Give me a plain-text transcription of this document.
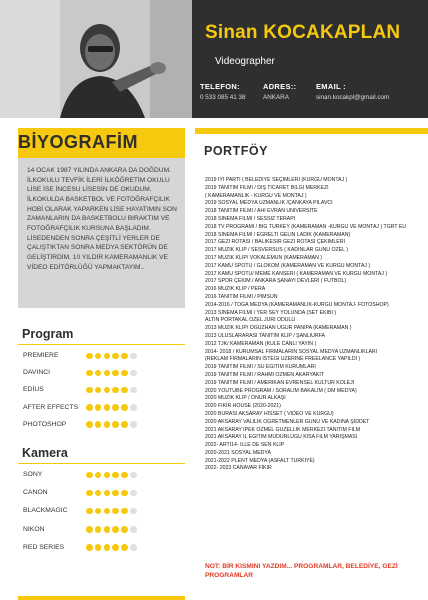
Sinan KOCAKAPLAN
Videographer
TELEFON:
0 533 085 41 38
ADRES::
ANKARA
EMAIL :
sinan.kocakpl@gmail.com
BİYOGRAFİM
14 OCAK 1987 YILINDA ANKARA DA DOĞDUM. İLKOKULU TEVFİK İLERİ İLKÖĞRETİM OKULU LİSE İSE İNCESU LİSESİN DE OKUDUM. İLKOKULDA BASKETBOL VE FOTOĞRAFÇILIK HOBİ OLARAK YAPARKEN LİSE HAYATIMIN SON ZAMANLARIN DA BASKETBOLU BIRAKTIM VE FOTOĞRAFÇILIK KURSUNA BAŞLADIM. LİSEDENDEN SONRA ÇEŞİTLİ YERLER DE ÇALIŞTIKTAN SONRA MEDYA SEKTÖRÜN DE GELİŞTİRDİM. 10 YILDIR KAMERAMANLIK VE VİDEO EDİTÖRLÜĞÜ YAPMAKTAYIM..
Program
PREMIERE
DAVINCI
EDİUS
AFTER EFFECTS
PHOTOSHOP
Kamera
SONY
CANON
BLACKMAGIC
NIKON
RED SERIES
PORTFÖY
2019 İYİ PARTİ ( BELEDİYE SEÇİMLERİ (KURGU MONTAJ )
2019 TANITIM FİLMİ / DIŞ TİCARET BİLGİ MERKEZİ
( KAMERAMANLIK - KURGU VE MONTAJ )
2019 SOSYAL MEDYA UZMANLIK /ÇANKAYA PİLAVCI
2018 TANITIM FİLMİ / AHİ EVRAN ÜNİVERSİTE
2018 SİNEMA FİLMİ / SESSİZ TERAPİ
2018 TV PROGRAMI / BİG TURKEY (KAMERAMAN -KURGU VE MONTAJ ) TGRT EU
2018 SİNEMA FİLMİ / EĞRELTİ GELİN LADİK (KAMERAMAN)
2017 GEZİ ROTASI / BALIKESİR GEZİ ROTASI ÇEKİMLERİ
2017 MÜZİK KLİP / SESVERSUS ( KADINLAR GÜNÜ ÖZEL )
2017 MÜZİK KLİP/ VOKALEMUN (KAMERAMAN )
2017 KAMU SPOTU / GLOKOM (KAMERAMAN VE KURGU MONTAJ )
2017 KAMU SPOTU/ MEME KANSERİ ( KAMERAMAN VE KURGU MONTAJ )
2017 SPOR ÇEKİM / ANKARA ŞANAYİ DEVLERİ ( FUTBOL)
2016 MÜZİK KLİP / PERA
2016 TANITIM FİLMİ / PİMSUN
2014-2016 / TOGA MEDYA (KAMERAMANLIK-KURGU MONTAJ- FOTOSHOP)
2013 SİNEMA FİLMİ / YER SEY YOLUNDA (SET EKİBİ )
ALTIN PORTAKAL ÖZEL JÜRİ ÖDÜLÜ
2013 MÜZİK KLİP/ OĞUZHAN UĞUR PANİPA (KAMERAMAN )
2013 ULUSLARARASI TANITIM KLİP / ŞANLIURFA
2012 TJK/ KAMERAMAN (KULE CANLI YAYIN )
2014- 2018 / KURUMSAL FİRMALARIN SOSYAL MEDYA UZMANLIKLARI
(REKLAM FİRMALARIN İSTEĞİ ÜZERİNE FREELANCE YAPILDI )
2019 TANITIM FİLMİ / SU EĞİTİM KURUMLARI
2019 TANITIM FİLMİ / RAHMİ ÖZMEN AKARYAKIT
2019 TANITIM FİLMİ / AMERİKAN EVRENSEL KÜLTÜR KOLEJİ
2020 YOUTUBE PROGRAM / SORALIM BAKALIM ( DM MEDYA)
2020 MÜZİK KLİP / ONUR ALKAŞI
2020 FİKİR HOUSE (2020-2021)
2020 BURASI AKSARAY HİSSET ( VİDEO VE KURGU)
2020 AKSARAY VALİLİK ÖĞRETMENLER GÜNÜ VE KADINA ŞİDDET
2021 AKSARAY İPEK ÖZMEL GÜZELLİK MERKEZİ TANITIM FİLM
2021 AKSARAY İL EĞİTİM MÜDÜRLÜĞÜ KISA FİLM YARIŞMASI
2022- ARTI14- İLLE DE SEN KLİP
2020-2021 SOSYAL MEDYA
2021-2022 PLENT MEDYA (ASFALT TÜRKİYE)
2022- 2023 CANAVAR FİKİR
NOT: BİR KISMINI YAZDIM... PROGRAMLAR, BELEDİYE, GEZİ PROGRAMLAR
